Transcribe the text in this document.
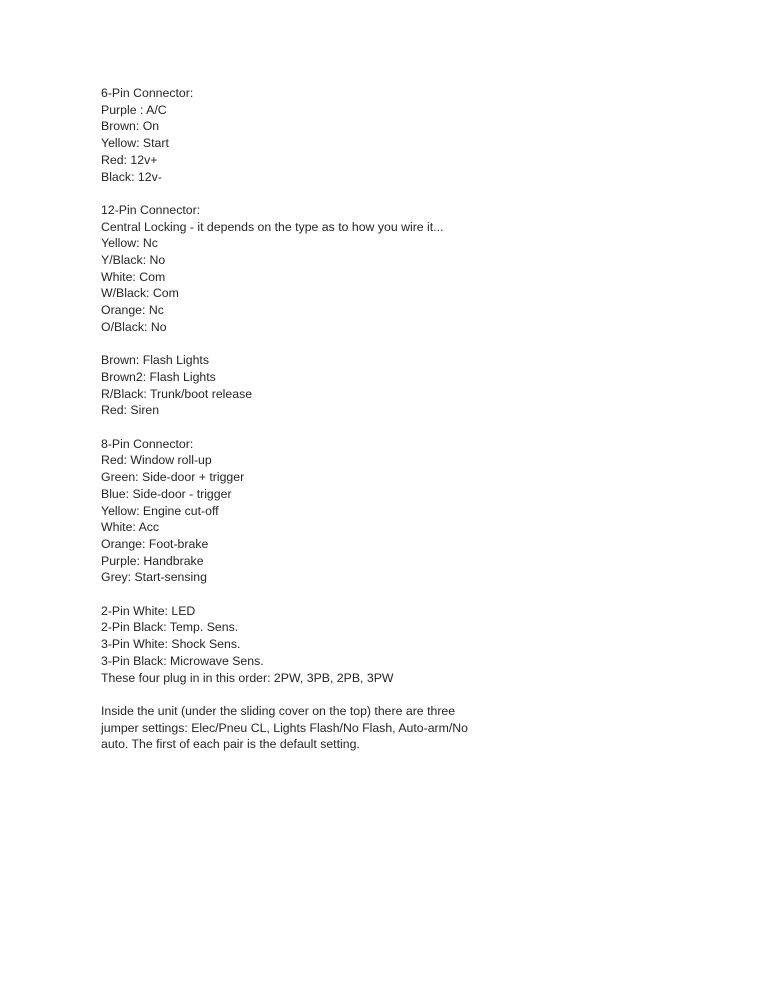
6-Pin Connector:
Purple : A/C
Brown: On
Yellow: Start
Red: 12v+
Black: 12v-
12-Pin Connector:
Central Locking - it depends on the type as to how you wire it...
Yellow: Nc
Y/Black: No
White: Com
W/Black: Com
Orange: Nc
O/Black: No
Brown: Flash Lights
Brown2: Flash Lights
R/Black: Trunk/boot release
Red: Siren
8-Pin Connector:
Red: Window roll-up
Green: Side-door + trigger
Blue: Side-door - trigger
Yellow: Engine cut-off
White: Acc
Orange: Foot-brake
Purple: Handbrake
Grey: Start-sensing
2-Pin White: LED
2-Pin Black: Temp. Sens.
3-Pin White: Shock Sens.
3-Pin Black: Microwave Sens.
These four plug in in this order: 2PW, 3PB, 2PB, 3PW
Inside the unit (under the sliding cover on the top) there are three jumper settings: Elec/Pneu CL, Lights Flash/No Flash, Auto-arm/No auto. The first of each pair is the default setting.
